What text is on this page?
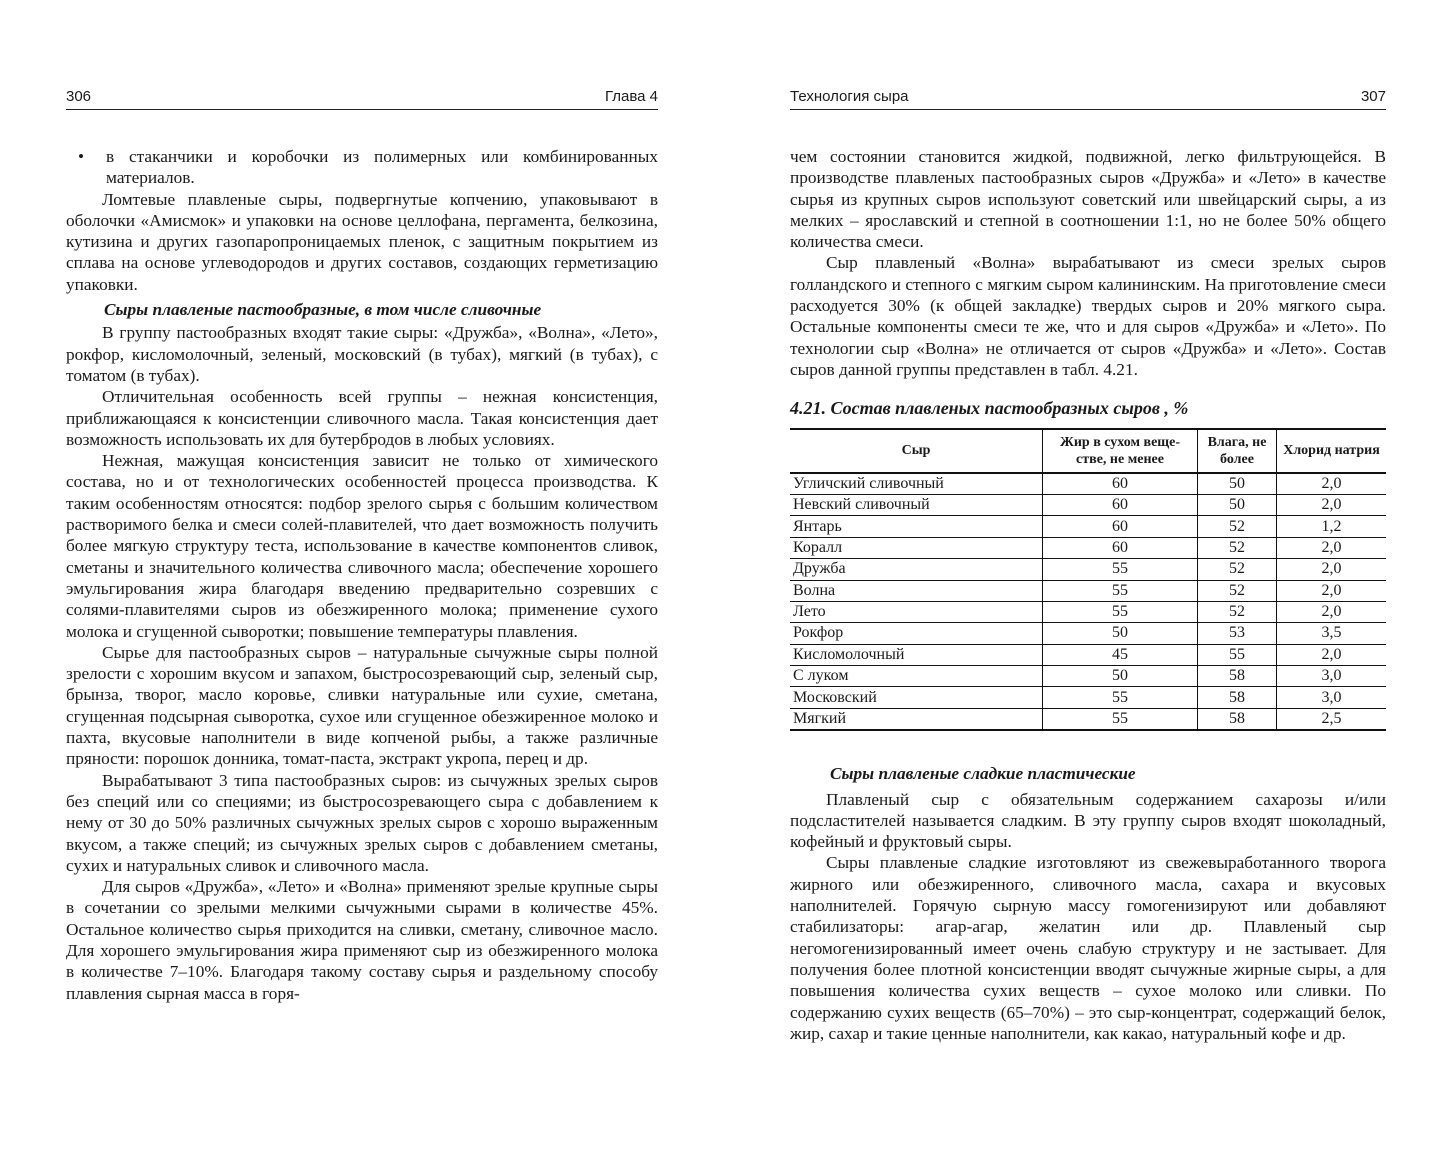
306	Глава 4

• в стаканчики и коробочки из полимерных или комбинированных материалов.

Ломтевые плавленые сыры, подвергнутые копчению, упаковывают в оболочки «Амисмок» и упаковки на основе целлофана, пергамента, белкозина, кутизина и других газопаропроницаемых пленок, с защитным покрытием из сплава на основе углеводородов и других составов, создающих герметизацию упаковки.

Сыры плавленые пастообразные, в том числе сливочные

В группу пастообразных входят такие сыры: «Дружба», «Волна», «Лето», рокфор, кисломолочный, зеленый, московский (в тубах), мягкий (в тубах), с томатом (в тубах).

Отличительная особенность всей группы – нежная консистенция, приближающаяся к консистенции сливочного масла. Такая консистенция дает возможность использовать их для бутербродов в любых условиях.

Нежная, мажущая консистенция зависит не только от химического состава, но и от технологических особенностей процесса производства. К таким особенностям относятся: подбор зрелого сырья с большим количеством растворимого белка и смеси солей-плавителей, что дает возможность получить более мягкую структуру теста, использование в качестве компонентов сливок, сметаны и значительного количества сливочного масла; обеспечение хорошего эмульгирования жира благодаря введению предварительно созревших с солями-плавителями сыров из обезжиренного молока; применение сухого молока и сгущенной сыворотки; повышение температуры плавления.

Сырье для пастообразных сыров – натуральные сычужные сыры полной зрелости с хорошим вкусом и запахом, быстросозревающий сыр, зеленый сыр, брынза, творог, масло коровье, сливки натуральные или сухие, сметана, сгущенная подсырная сыворотка, сухое или сгущенное обезжиренное молоко и пахта, вкусовые наполнители в виде копченой рыбы, а также различные пряности: порошок донника, томат-паста, экстракт укропа, перец и др.

Вырабатывают 3 типа пастообразных сыров: из сычужных зрелых сыров без специй или со специями; из быстросозревающего сыра с добавлением к нему от 30 до 50% различных сычужных зрелых сыров с хорошо выраженным вкусом, а также специй; из сычужных зрелых сыров с добавлением сметаны, сухих и натуральных сливок и сливочного масла.

Для сыров «Дружба», «Лето» и «Волна» применяют зрелые крупные сыры в сочетании со зрелыми мелкими сычужными сырами в количестве 45%. Остальное количество сырья приходится на сливки, сметану, сливочное масло. Для хорошего эмульгирования жира применяют сыр из обезжиренного молока в количестве 7–10%. Благодаря такому составу сырья и раздельному способу плавления сырная масса в горя-

Технология сыра	307

чем состоянии становится жидкой, подвижной, легко фильтрующейся. В производстве плавленых пастообразных сыров «Дружба» и «Лето» в качестве сырья из крупных сыров используют советский или швейцарский сыры, а из мелких – ярославский и степной в соотношении 1:1, но не более 50% общего количества смеси.

Сыр плавленый «Волна» вырабатывают из смеси зрелых сыров голландского и степного с мягким сыром калининским. На приготовление смеси расходуется 30% (к общей закладке) твердых сыров и 20% мягкого сыра. Остальные компоненты смеси те же, что и для сыров «Дружба» и «Лето». По технологии сыр «Волна» не отличается от сыров «Дружба» и «Лето». Состав сыров данной группы представлен в табл. 4.21.

4.21. Состав плавленых пастообразных сыров , %
Сыр	Жир в сухом веще-стве, не менее	Влага, не более	Хлорид натрия
Угличский сливочный	60	50	2,0
Невский сливочный	60	50	2,0
Янтарь	60	52	1,2
Коралл	60	52	2,0
Дружба	55	52	2,0
Волна	55	52	2,0
Лето	55	52	2,0
Рокфор	50	53	3,5
Кисломолочный	45	55	2,0
С луком	50	58	3,0
Московский	55	58	3,0
Мягкий	55	58	2,5
Сыры плавленые сладкие пластические

Плавленый сыр с обязательным содержанием сахарозы и/или подсластителей называется сладким. В эту группу сыров входят шоколадный, кофейный и фруктовый сыры.

Сыры плавленые сладкие изготовляют из свежевыработанного творога жирного или обезжиренного, сливочного масла, сахара и вкусовых наполнителей. Горячую сырную массу гомогенизируют или добавляют стабилизаторы: агар-агар, желатин или др. Плавленый сыр негомогенизированный имеет очень слабую структуру и не застывает. Для получения более плотной консистенции вводят сычужные жирные сыры, а для повышения количества сухих веществ – сухое молоко или сливки. По содержанию сухих веществ (65–70%) – это сыр-концентрат, содержащий белок, жир, сахар и такие ценные наполнители, как какао, натуральный кофе и др.
